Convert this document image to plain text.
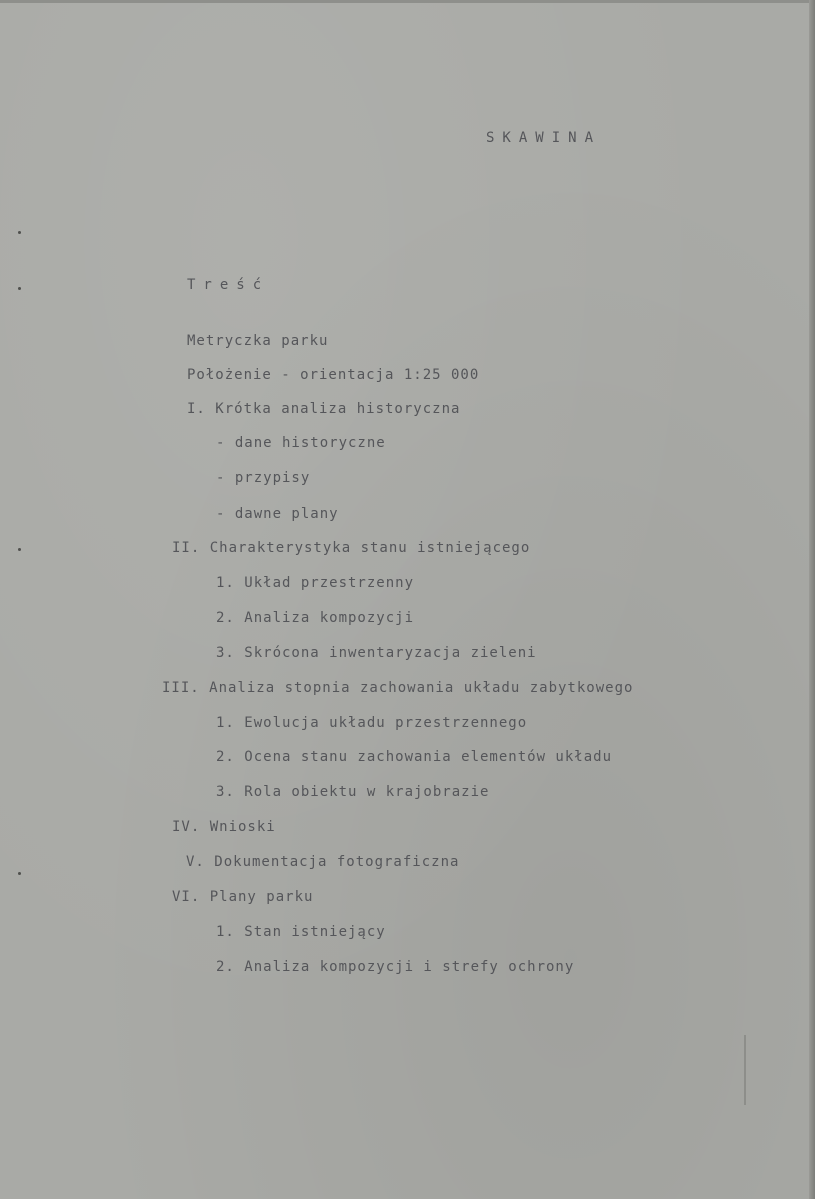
SKAWINA
Treść
Metryczka parku
Położenie - orientacja 1:25 000
I. Krótka analiza historyczna
- dane historyczne
- przypisy
- dawne plany
II. Charakterystyka stanu istniejącego
1. Układ przestrzenny
2. Analiza kompozycji
3. Skrócona inwentaryzacja zieleni
III. Analiza stopnia zachowania układu zabytkowego
1. Ewolucja układu przestrzennego
2. Ocena stanu zachowania elementów układu
3. Rola obiektu w krajobrazie
IV. Wnioski
V. Dokumentacja fotograficzna
VI. Plany parku
1. Stan istniejący
2. Analiza kompozycji i strefy ochrony
